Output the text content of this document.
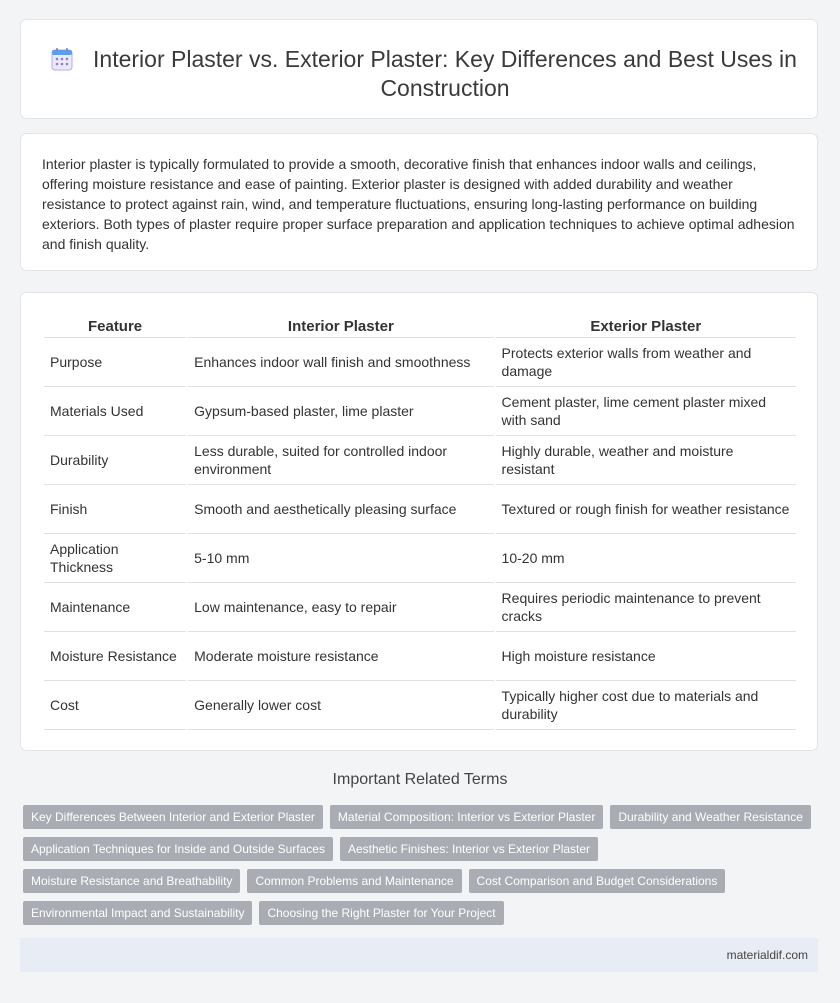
Interior Plaster vs. Exterior Plaster: Key Differences and Best Uses in Construction

Interior plaster is typically formulated to provide a smooth, decorative finish that enhances indoor walls and ceilings, offering moisture resistance and ease of painting. Exterior plaster is designed with added durability and weather resistance to protect against rain, wind, and temperature fluctuations, ensuring long-lasting performance on building exteriors. Both types of plaster require proper surface preparation and application techniques to achieve optimal adhesion and finish quality.

Feature	Interior Plaster	Exterior Plaster
Purpose	Enhances indoor wall finish and smoothness	Protects exterior walls from weather and damage
Materials Used	Gypsum-based plaster, lime plaster	Cement plaster, lime cement plaster mixed with sand
Durability	Less durable, suited for controlled indoor environment	Highly durable, weather and moisture resistant
Finish	Smooth and aesthetically pleasing surface	Textured or rough finish for weather resistance
Application Thickness	5-10 mm	10-20 mm
Maintenance	Low maintenance, easy to repair	Requires periodic maintenance to prevent cracks
Moisture Resistance	Moderate moisture resistance	High moisture resistance
Cost	Generally lower cost	Typically higher cost due to materials and durability
Important Related Terms
Key Differences Between Interior and Exterior Plaster Material Composition: Interior vs Exterior Plaster Durability and Weather Resistance
Application Techniques for Inside and Outside Surfaces Aesthetic Finishes: Interior vs Exterior Plaster
Moisture Resistance and Breathability Common Problems and Maintenance Cost Comparison and Budget Considerations
Environmental Impact and Sustainability Choosing the Right Plaster for Your Project
materialdif.com
